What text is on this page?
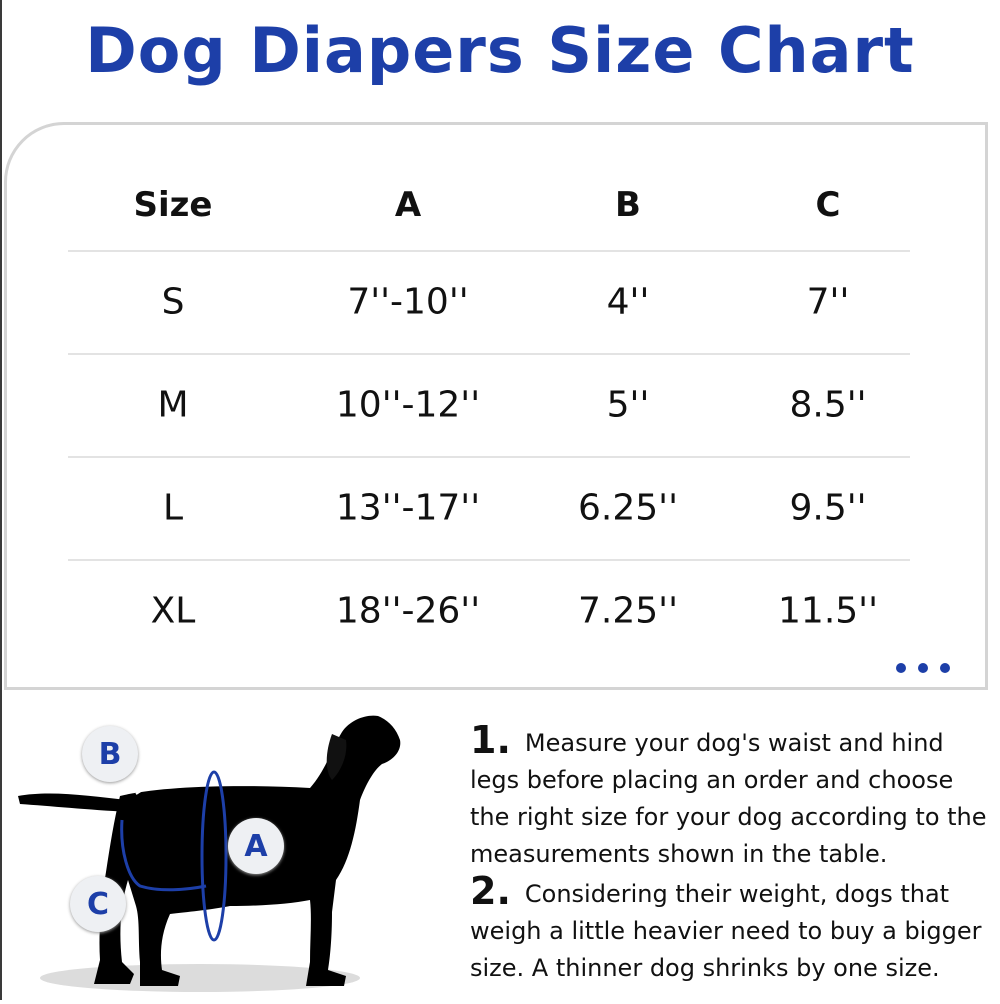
Dog Diapers Size Chart
Size	A	B	C
S	7''-10''	4''	7''
M	10''-12''	5''	8.5''
L	13''-17''	6.25''	9.5''
XL	18''-26''	7.25''	11.5''
B
A
C
1. Measure your dog's waist and hind legs before placing an order and choose the right size for your dog according to the measurements shown in the table.
2. Considering their weight, dogs that weigh a little heavier need to buy a bigger size. A thinner dog shrinks by one size.
